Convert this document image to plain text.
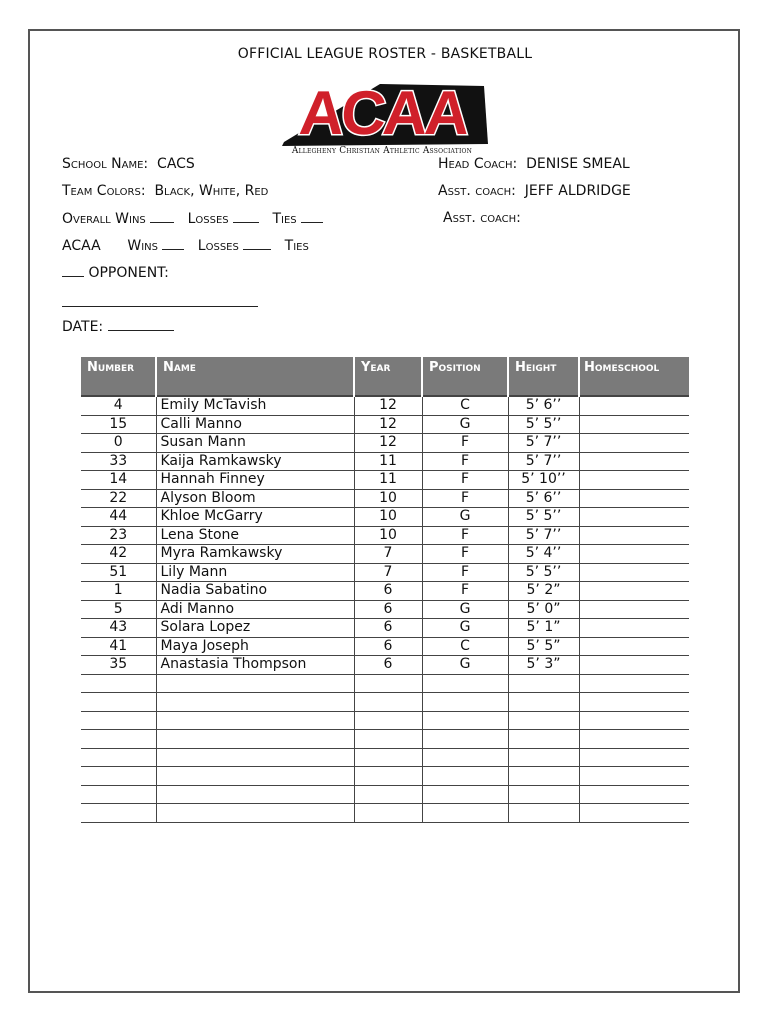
OFFICIAL LEAGUE ROSTER - BASKETBALL
ACAA
Allegheny Christian Athletic Association
School Name: CACS
Team Colors: Black, White, Red
Overall Wins	Losses	Ties
ACAA Wins	Losses	Ties
OPPONENT:
DATE:
Head Coach: DENISE SMEAL
Asst. coach: JEFF ALDRIDGE
Asst. coach:
Number	Name	Year	Position	Height	Homeschool
4	Emily McTavish	12	C	5’ 6’’	
15	Calli Manno	12	G	5’ 5’’	
0	Susan Mann	12	F	5’ 7’’	
33	Kaija Ramkawsky	11	F	5’ 7’’	
14	Hannah Finney	11	F	5’ 10’’	
22	Alyson Bloom	10	F	5’ 6’’	
44	Khloe McGarry	10	G	5’ 5’’	
23	Lena Stone	10	F	5’ 7’’	
42	Myra Ramkawsky	7	F	5’ 4’’	
51	Lily Mann	7	F	5’ 5’’	
1	Nadia Sabatino	6	F	5’ 2”	
5	Adi Manno	6	G	5’ 0”	
43	Solara Lopez	6	G	5’ 1”	
41	Maya Joseph	6	C	5’ 5”	
35	Anastasia Thompson	6	G	5’ 3”	
